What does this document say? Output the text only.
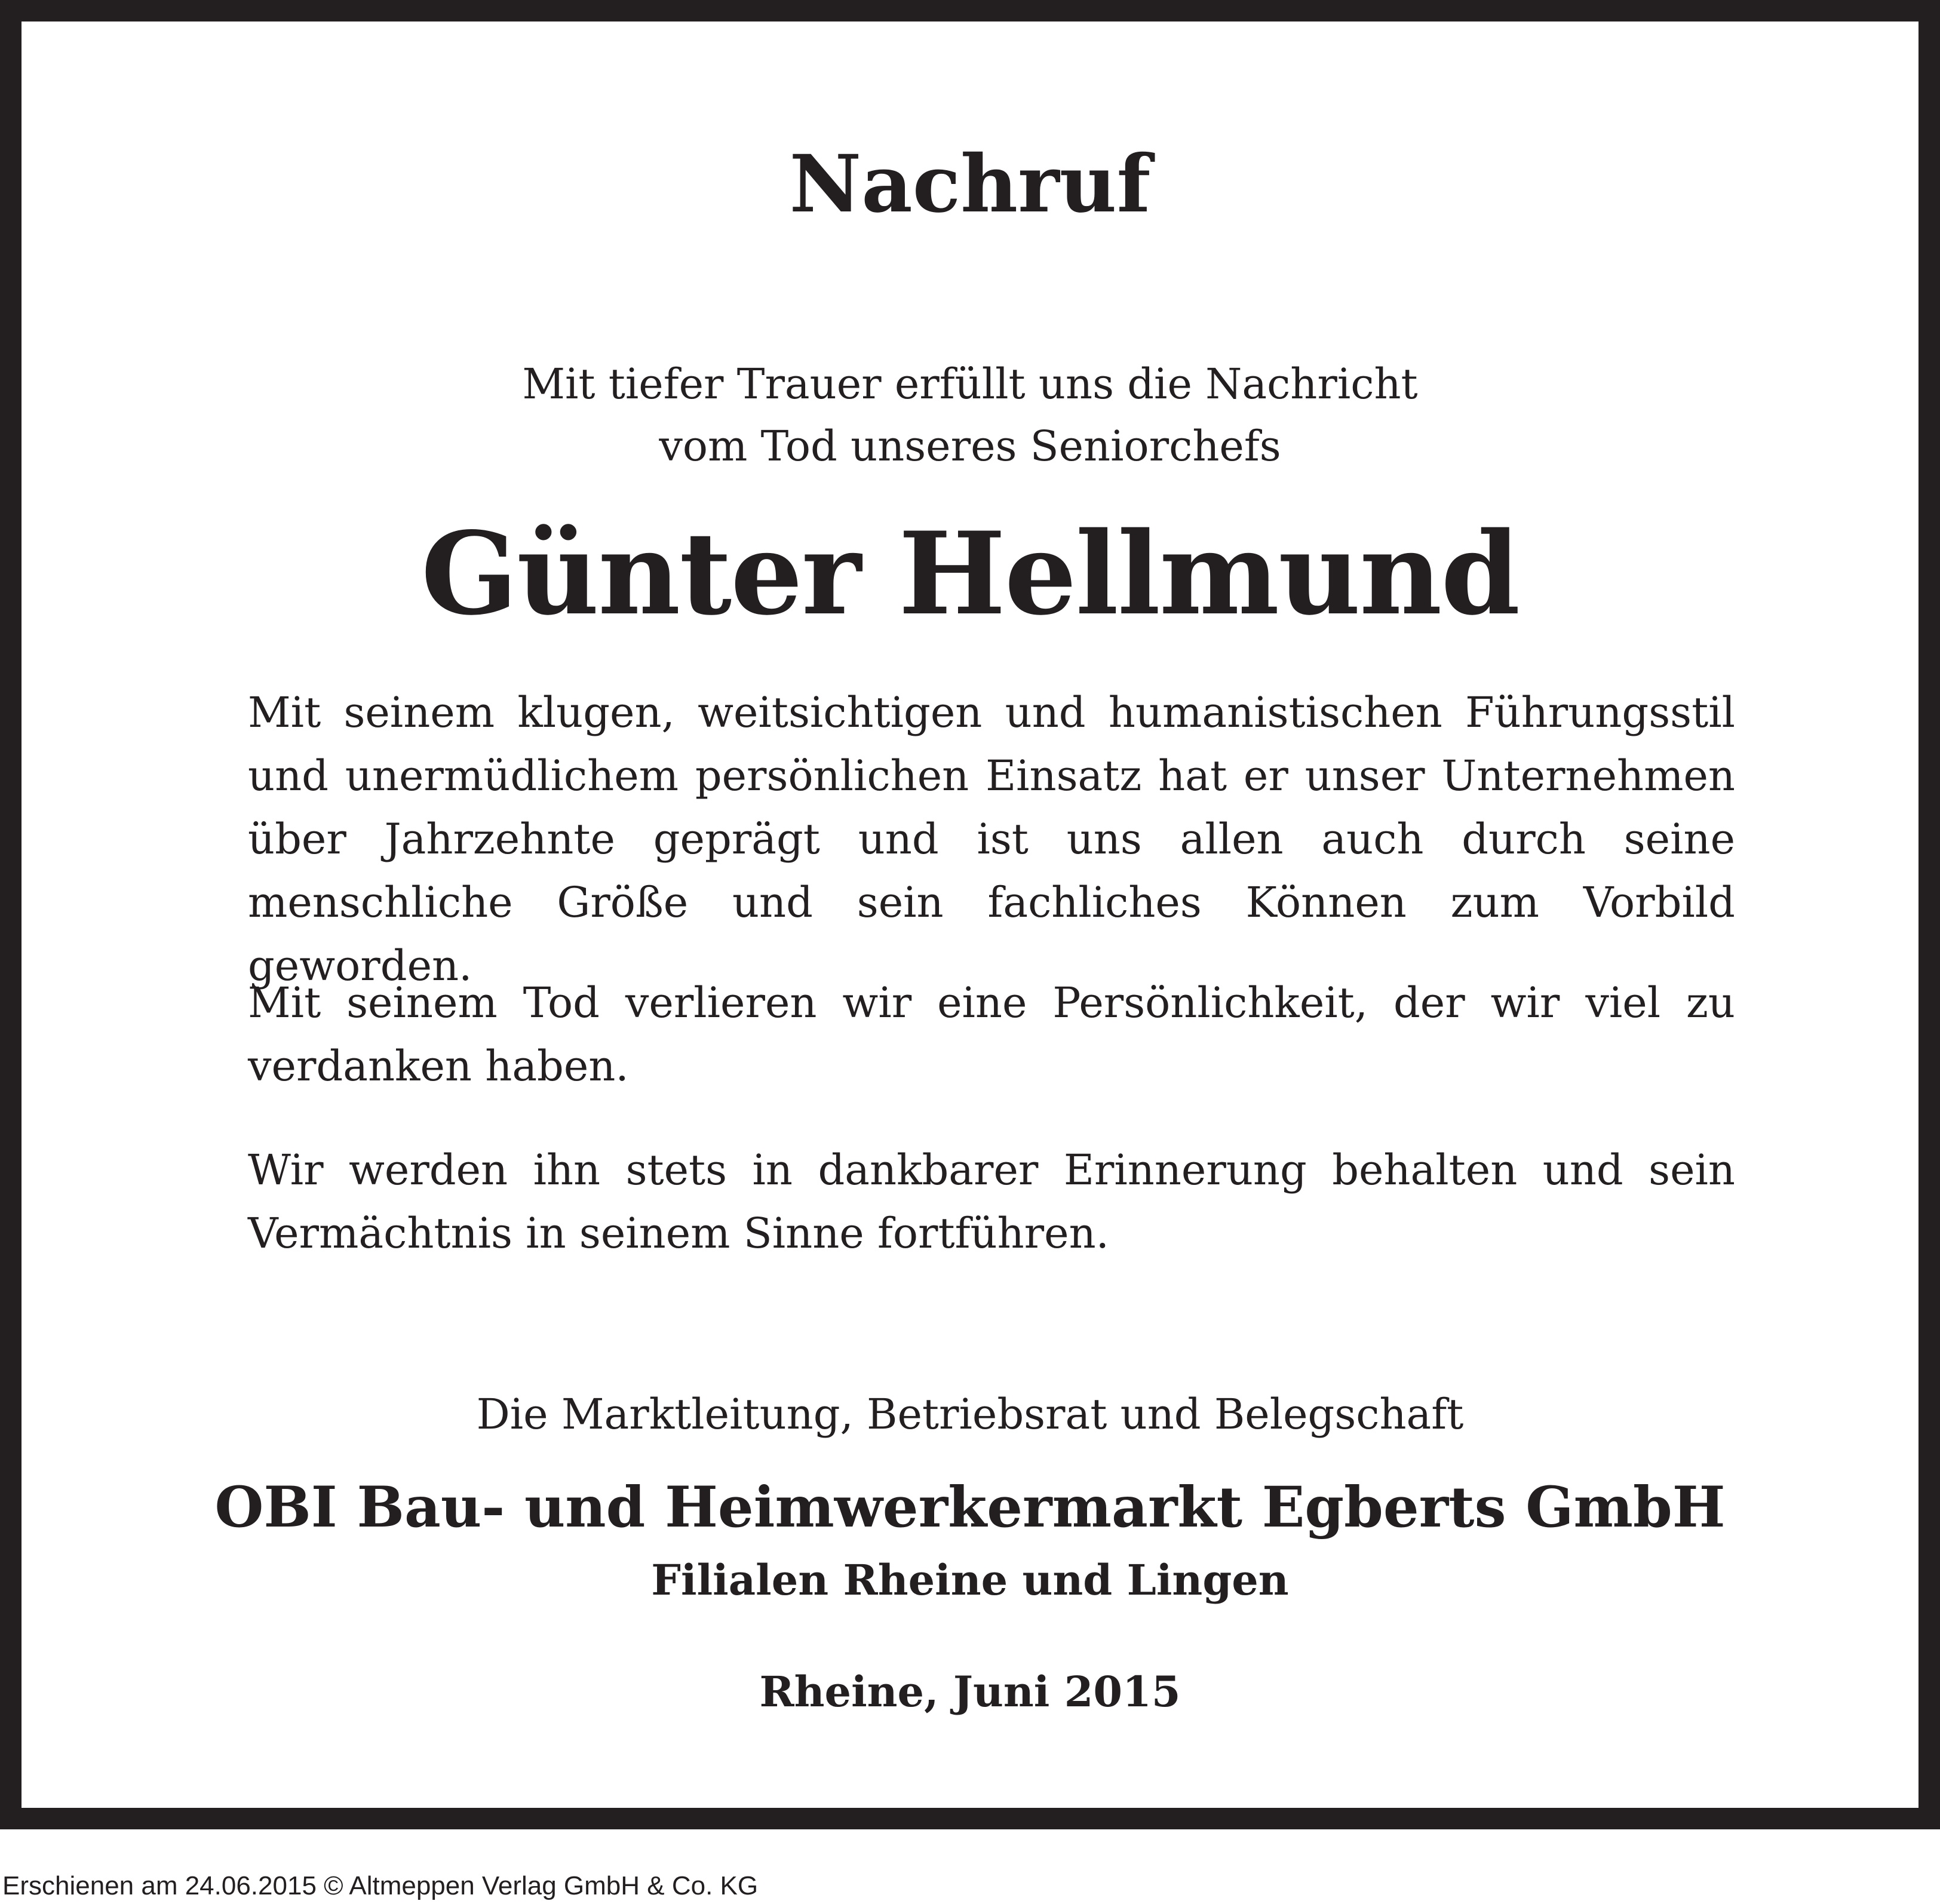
Nachruf
Mit tiefer Trauer erfüllt uns die Nachricht
vom Tod unseres Seniorchefs
Günter Hellmund

Mit seinem klugen, weitsichtigen und humanistischen Führungsstil und unermüdlichem persönlichen Einsatz hat er unser Unternehmen über Jahrzehnte geprägt und ist uns allen auch durch seine menschliche Größe und sein fachliches Können zum Vorbild geworden.

Mit seinem Tod verlieren wir eine Persönlichkeit, der wir viel zu verdanken haben.

Wir werden ihn stets in dankbarer Erinnerung behalten und sein Vermächtnis in seinem Sinne fortführen.

Die Marktleitung, Betriebsrat und Belegschaft
OBI Bau- und Heimwerkermarkt Egberts GmbH
Filialen Rheine und Lingen
Rheine, Juni 2015
Erschienen am 24.06.2015 © Altmeppen Verlag GmbH & Co. KG
